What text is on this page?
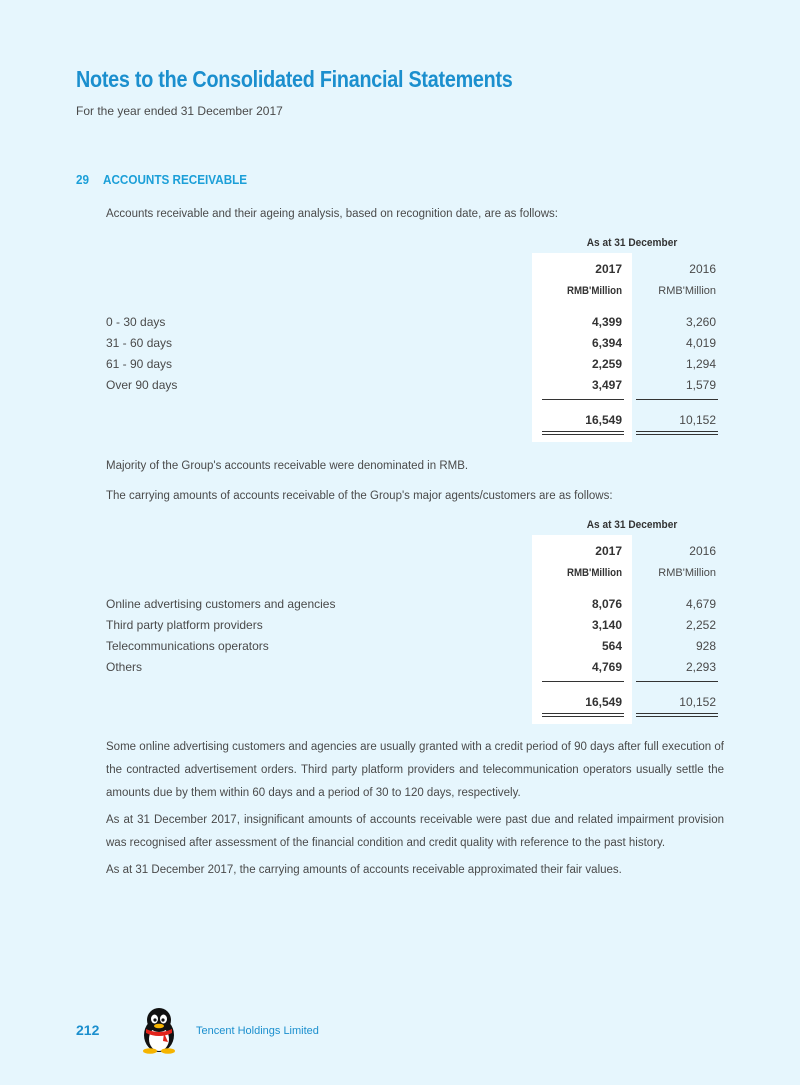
Notes to the Consolidated Financial Statements
For the year ended 31 December 2017
29 ACCOUNTS RECEIVABLE
Accounts receivable and their ageing analysis, based on recognition date, are as follows:
As at 31 December
2017	2016
RMB'Million	RMB'Million
0 - 30 days	4,399	3,260
31 - 60 days	6,394	4,019
61 - 90 days	2,259	1,294
Over 90 days	3,497	1,579
16,549	10,152
Majority of the Group's accounts receivable were denominated in RMB.
The carrying amounts of accounts receivable of the Group's major agents/customers are as follows:
As at 31 December
2017	2016
RMB'Million	RMB'Million
Online advertising customers and agencies	8,076	4,679
Third party platform providers	3,140	2,252
Telecommunications operators	564	928
Others	4,769	2,293
16,549	10,152
Some online advertising customers and agencies are usually granted with a credit period of 90 days after full execution of the contracted advertisement orders. Third party platform providers and telecommunication operators usually settle the amounts due by them within 60 days and a period of 30 to 120 days, respectively.
As at 31 December 2017, insignificant amounts of accounts receivable were past due and related impairment provision was recognised after assessment of the financial condition and credit quality with reference to the past history.
As at 31 December 2017, the carrying amounts of accounts receivable approximated their fair values.
212	Tencent Holdings Limited
